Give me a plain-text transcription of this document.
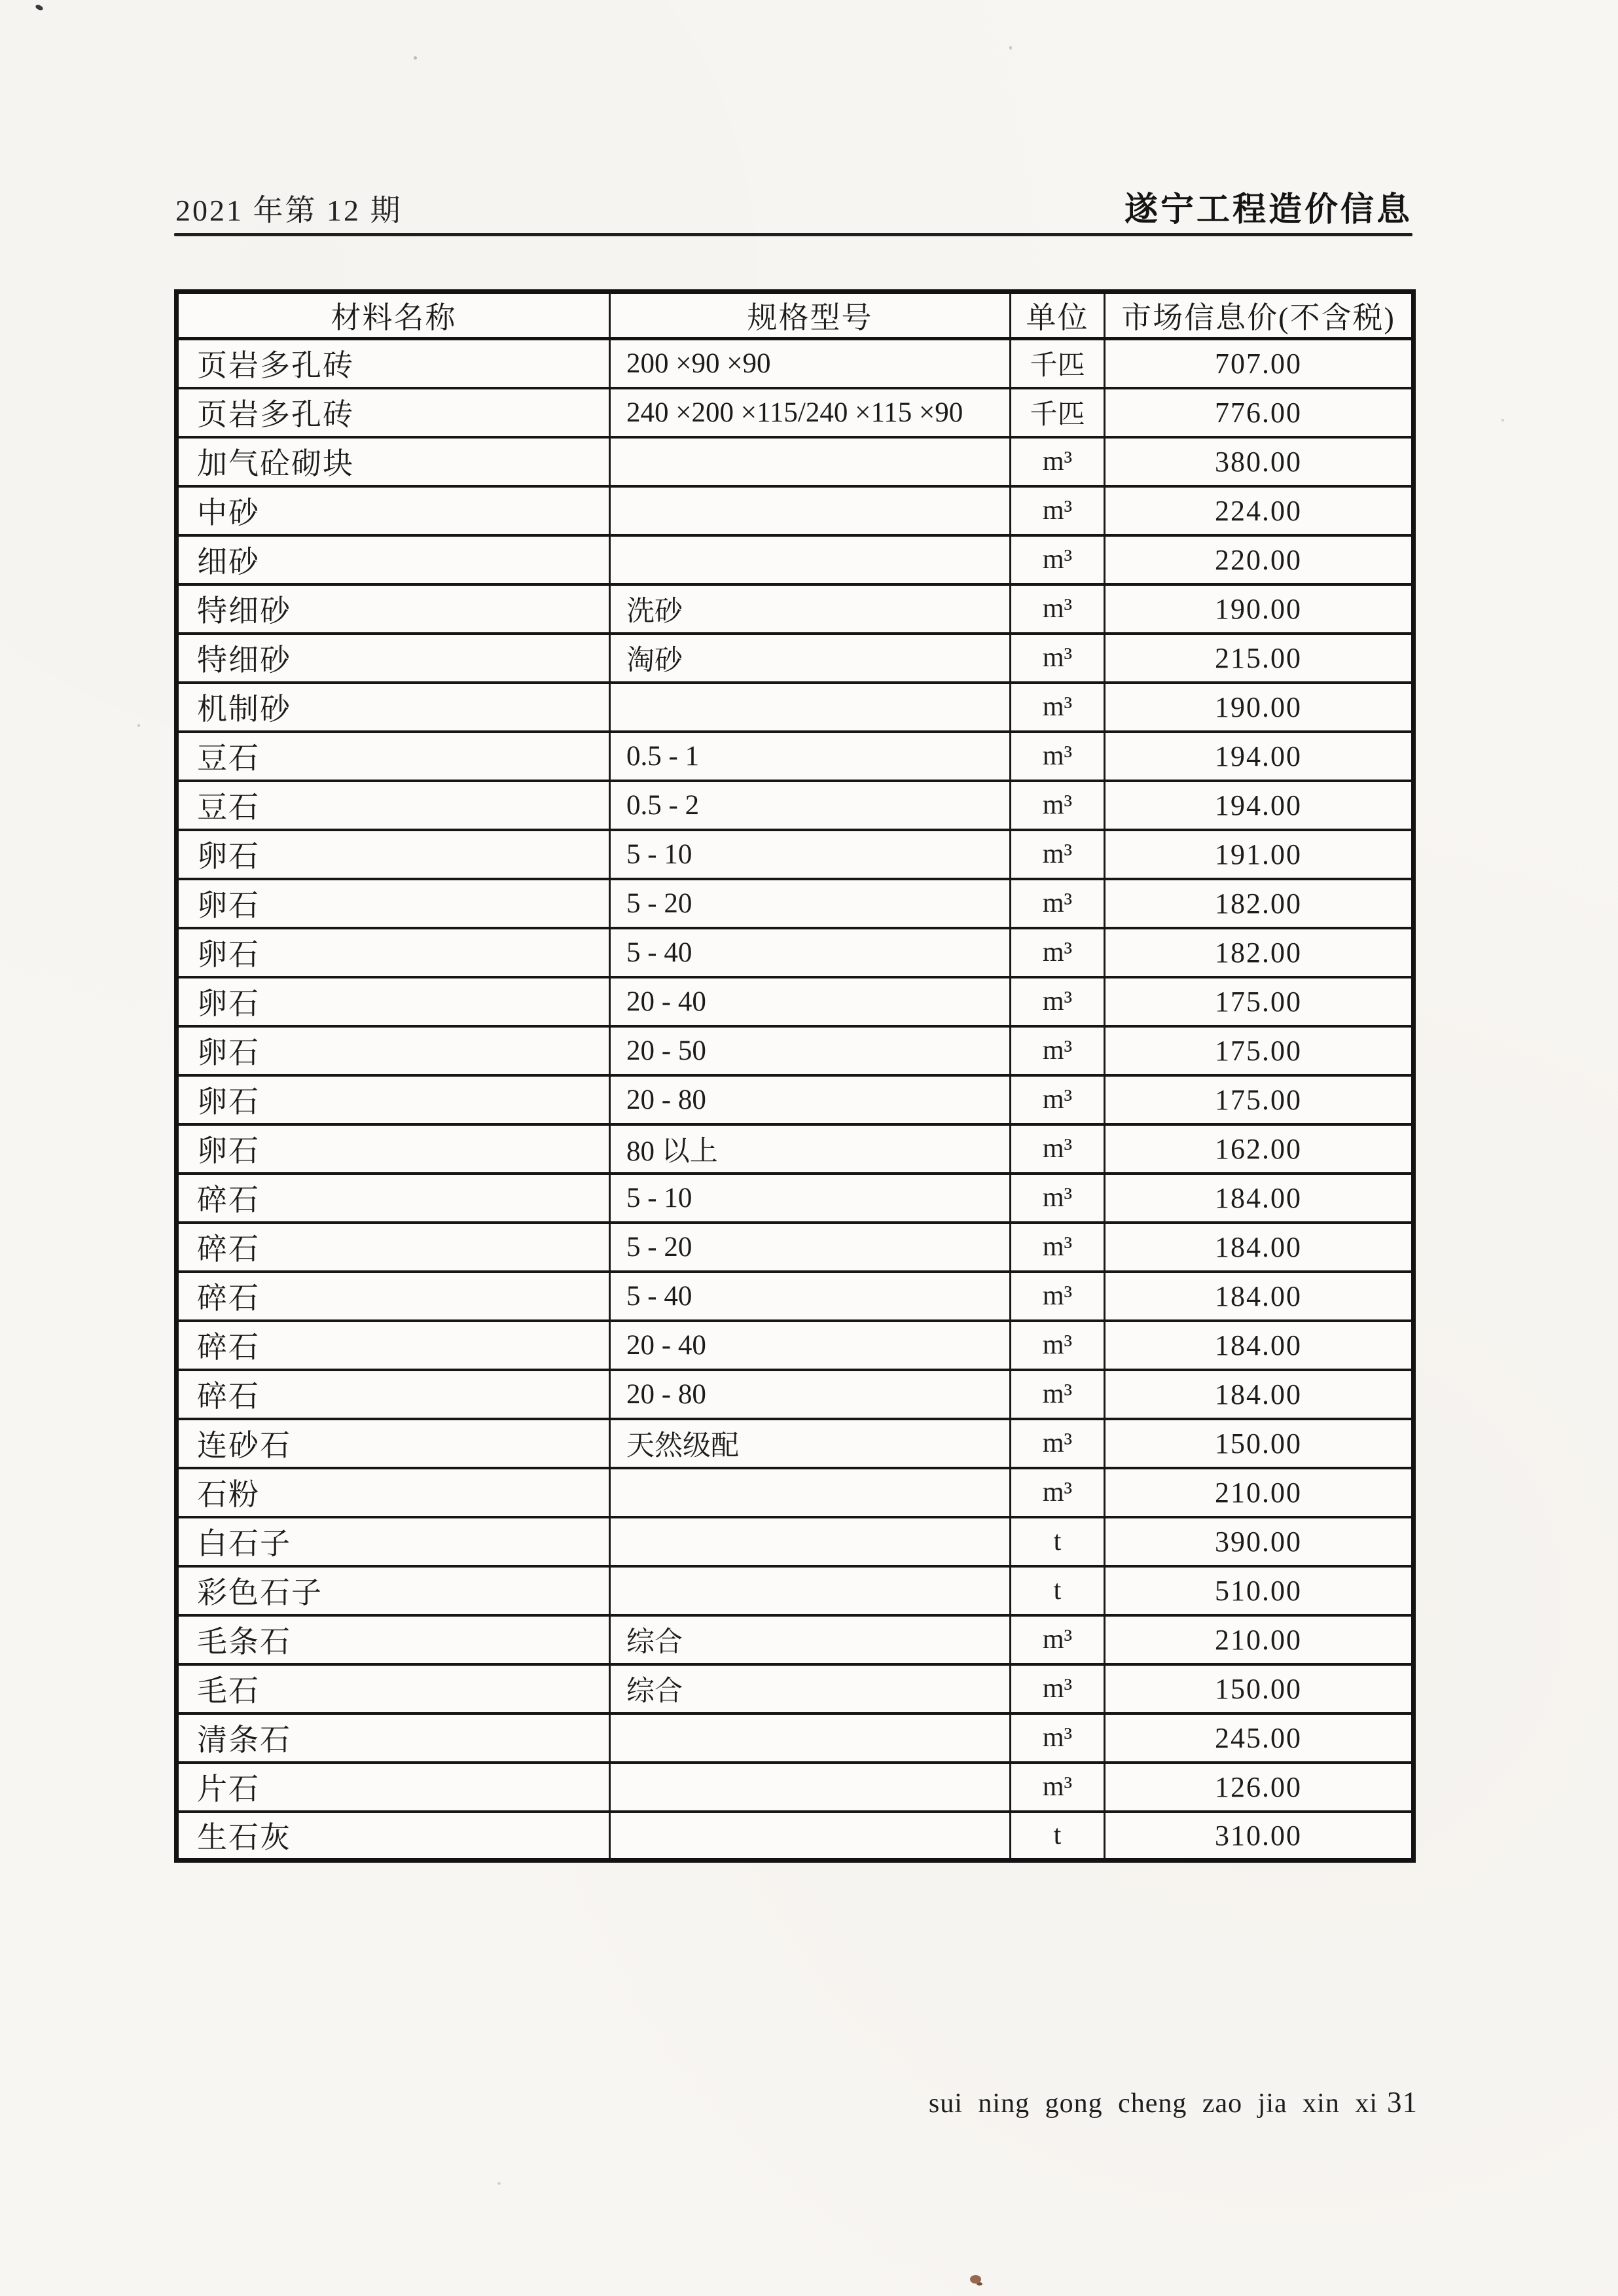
2021 年第 12 期	遂宁工程造价信息
材料名称	规格型号	单位	市场信息价(不含税)
页岩多孔砖	200 ×90 ×90	千匹	707.00
页岩多孔砖	240 ×200 ×115/240 ×115 ×90	千匹	776.00
加气砼砌块		m³	380.00
中砂		m³	224.00
细砂		m³	220.00
特细砂	洗砂	m³	190.00
特细砂	淘砂	m³	215.00
机制砂		m³	190.00
豆石	0.5 - 1	m³	194.00
豆石	0.5 - 2	m³	194.00
卵石	5 - 10	m³	191.00
卵石	5 - 20	m³	182.00
卵石	5 - 40	m³	182.00
卵石	20 - 40	m³	175.00
卵石	20 - 50	m³	175.00
卵石	20 - 80	m³	175.00
卵石	80 以上	m³	162.00
碎石	5 - 10	m³	184.00
碎石	5 - 20	m³	184.00
碎石	5 - 40	m³	184.00
碎石	20 - 40	m³	184.00
碎石	20 - 80	m³	184.00
连砂石	天然级配	m³	150.00
石粉		m³	210.00
白石子		t	390.00
彩色石子		t	510.00
毛条石	综合	m³	210.00
毛石	综合	m³	150.00
清条石		m³	245.00
片石		m³	126.00
生石灰		t	310.00
sui ning gong cheng zao jia xin xi 31
